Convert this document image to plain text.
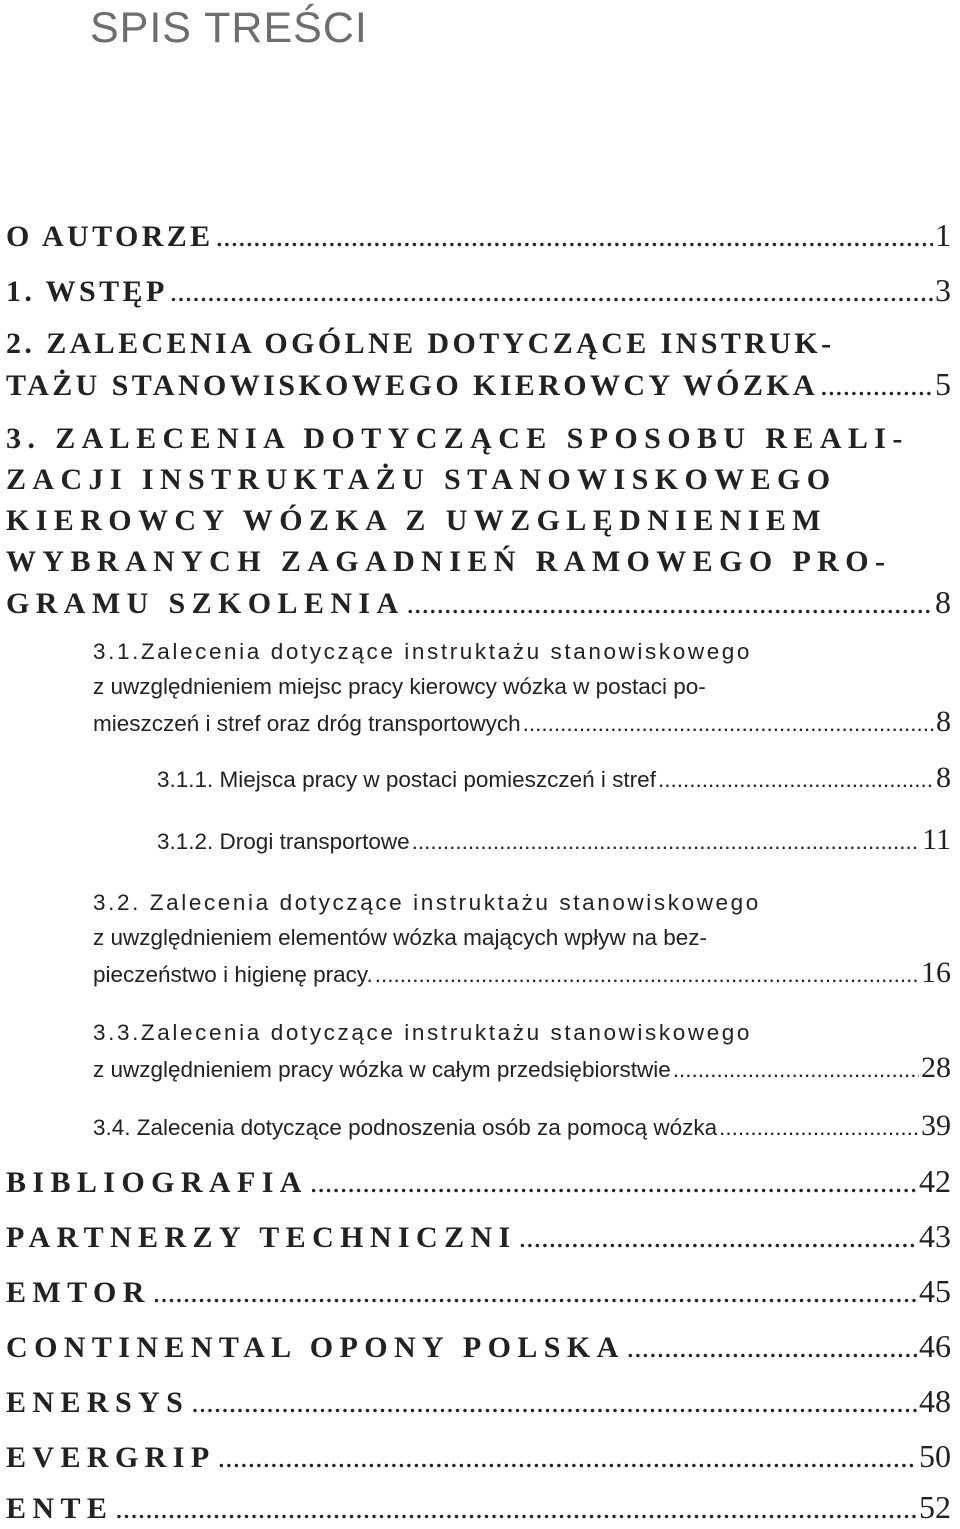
SPIS TREŚCI
O AUTORZE .....	1
1. WSTĘP .....	3
2. ZALECENIA OGÓLNE DOTYCZĄCE INSTRUK-
TAŻU STANOWISKOWEGO KIEROWCY WÓZKA .....	5
3. ZALECENIA DOTYCZĄCE SPOSOBU REALI-
ZACJI INSTRUKTAŻU STANOWISKOWEGO
KIEROWCY WÓZKA Z UWZGLĘDNIENIEM
WYBRANYCH ZAGADNIEŃ RAMOWEGO PRO-
GRAMU SZKOLENIA .....	8
3.1.Zalecenia dotyczące instruktażu stanowiskowego
z uwzględnieniem miejsc pracy kierowcy wózka w postaci po-
mieszczeń i stref oraz dróg transportowych .....	8
3.1.1. Miejsca pracy w postaci pomieszczeń i stref .....	8
3.1.2. Drogi transportowe .....	11
3.2. Zalecenia dotyczące instruktażu stanowiskowego
z uwzględnieniem elementów wózka mających wpływ na bez-
pieczeństwo i higienę pracy. .....	16
3.3.Zalecenia dotyczące instruktażu stanowiskowego
z uwzględnieniem pracy wózka w całym przedsiębiorstwie .....	28
3.4. Zalecenia dotyczące podnoszenia osób za pomocą wózka .....	39
BIBLIOGRAFIA .....	42
PARTNERZY TECHNICZNI .....	43
EMTOR .....	45
CONTINENTAL OPONY POLSKA .....	46
ENERSYS .....	48
EVERGRIP .....	50
ENTE .....	52
